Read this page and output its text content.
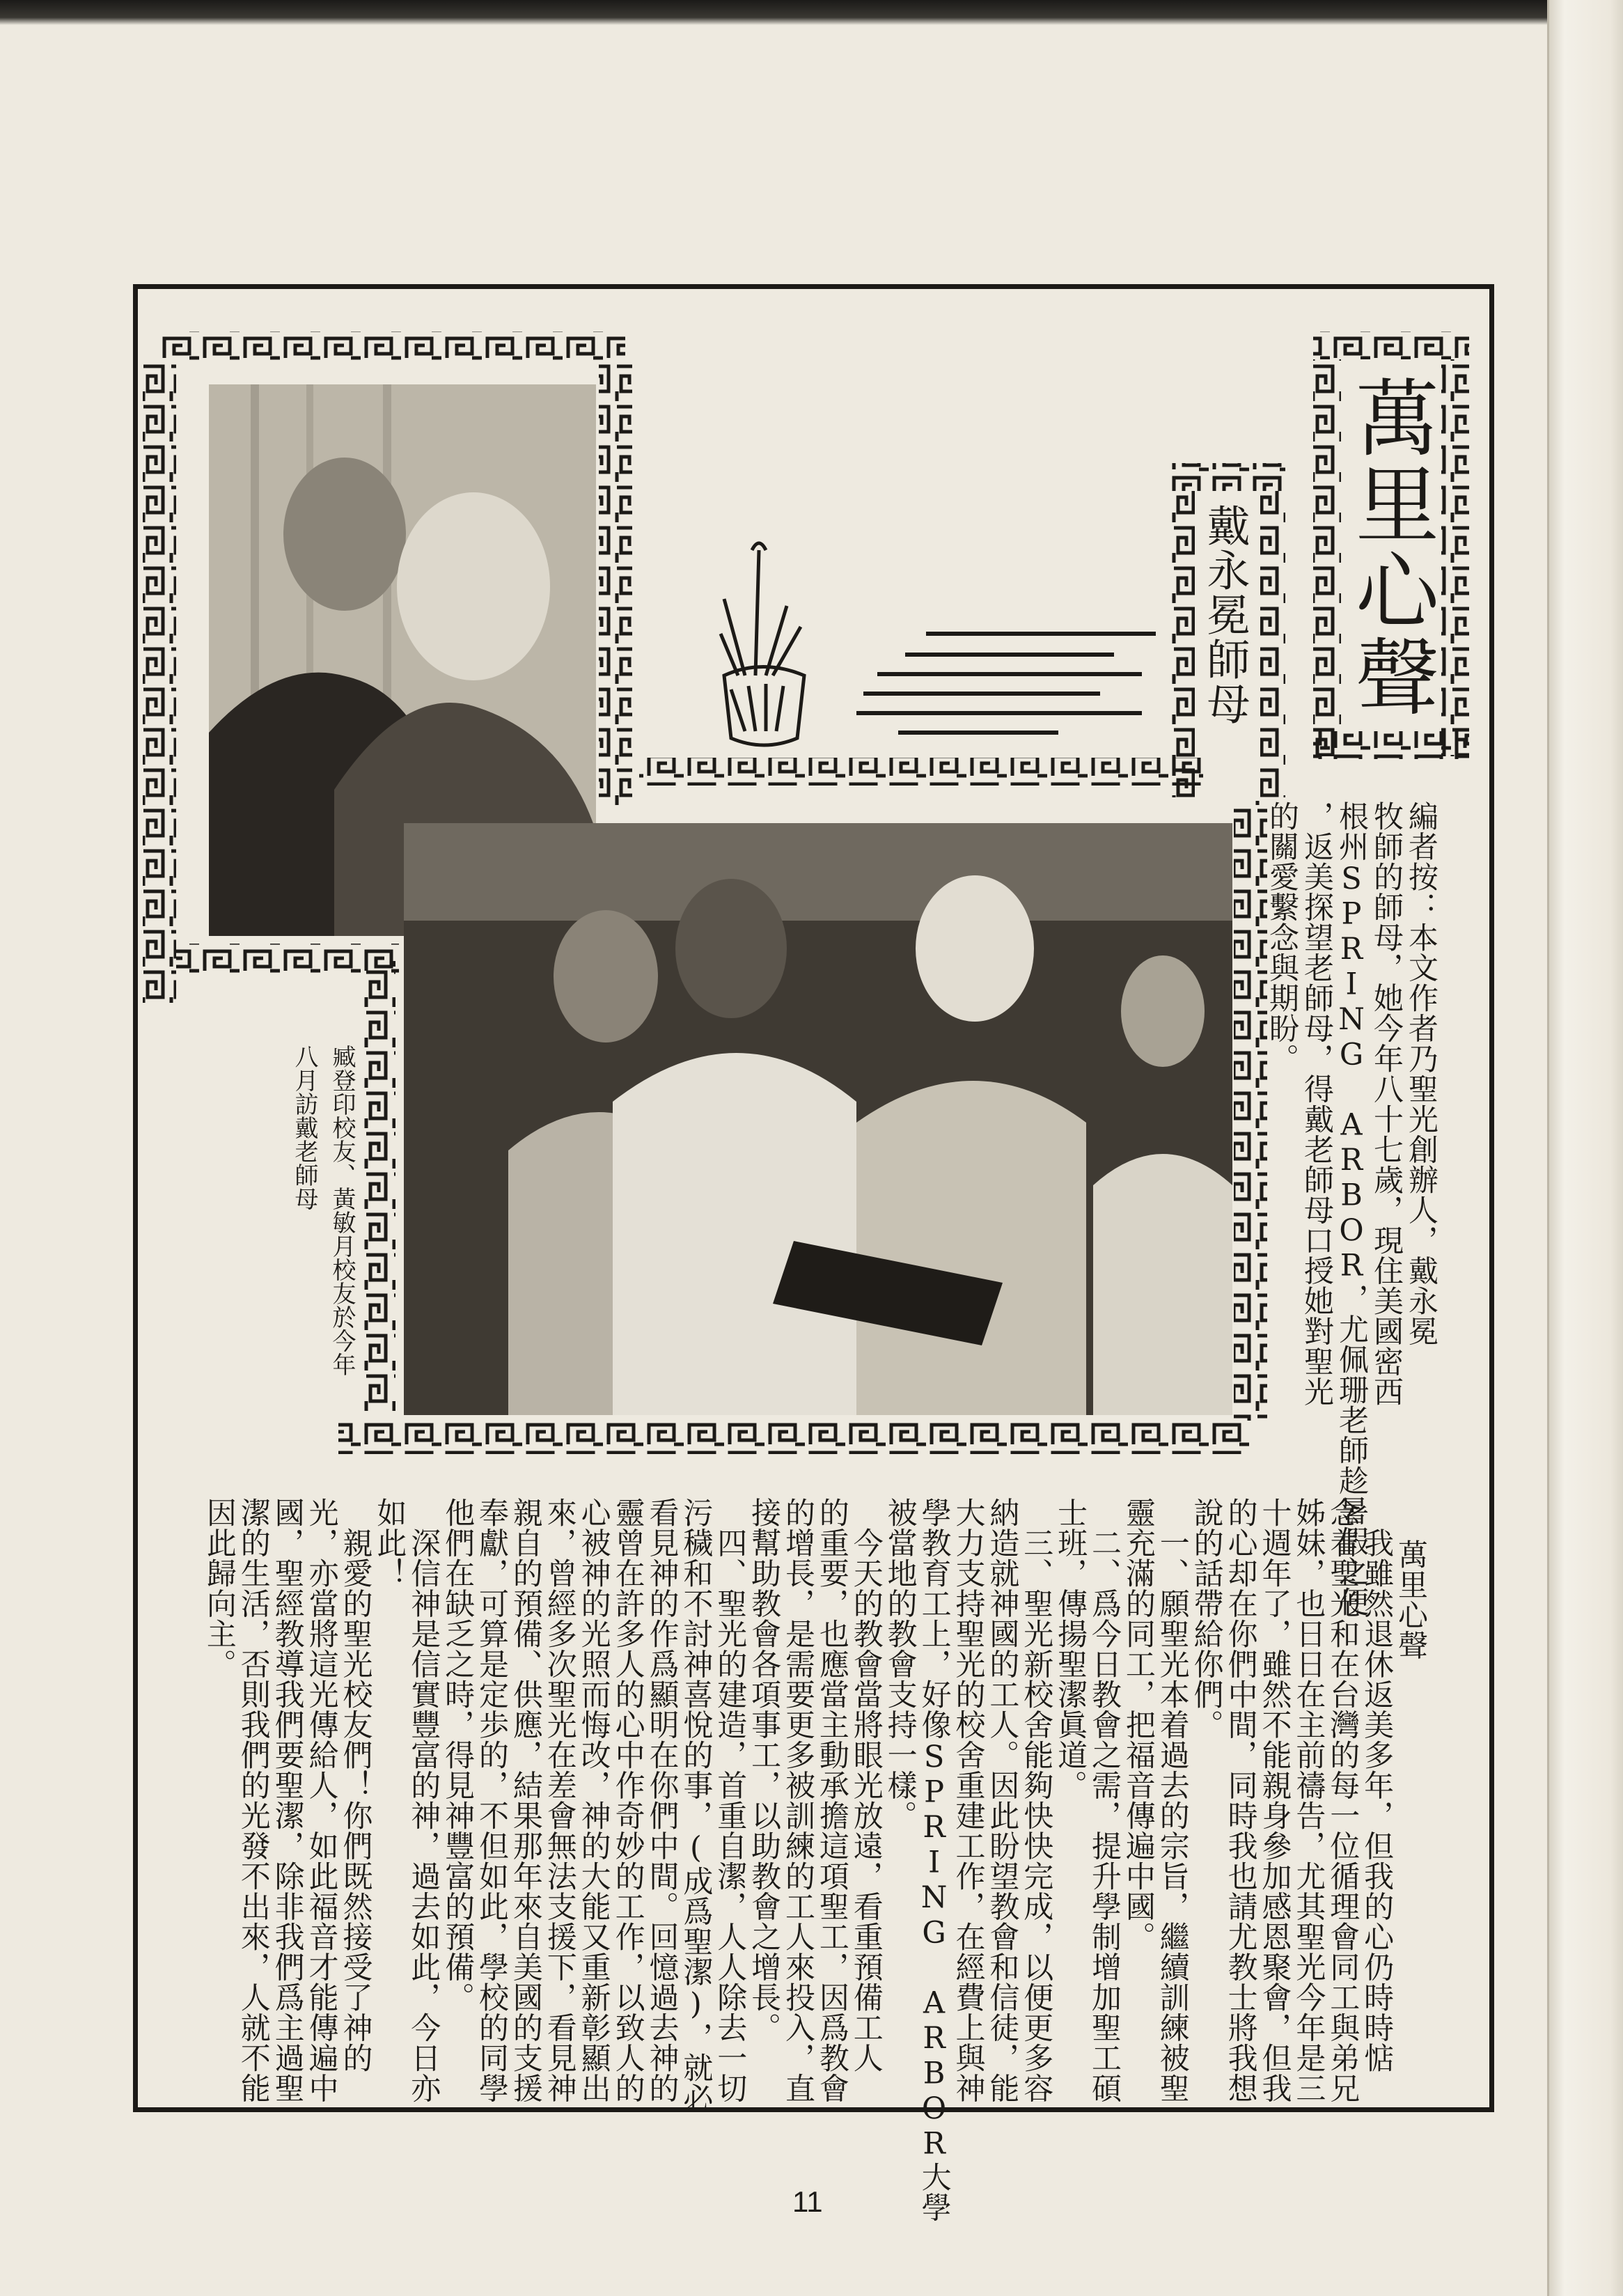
萬里心聲
戴永冕師母
臧登印校友、黃敏月校友於今年
八月訪戴老師母	編者按：本文作者乃聖光創辦人，戴永冕
牧師的師母，她今年八十七歲，現住美國密西
根州SPRING ARBOR，尤佩珊老師趁暑假之便
，返美探望老師母，得戴老師母口授她對聖光
的關愛繫念與期盼。
萬里心聲
　我雖然退休返美多年，但我的心仍時時惦
念着聖光和在台灣的每一位循理會同工與弟兄
姊妹，也日日在主前禱告，尤其聖光今年是三
十週年了，雖然不能親身參加感恩聚會，但我
的心却在你們中間，同時我也請尤教士將我想
說的話帶給你們。
　一、願聖光本着過去的宗旨，繼續訓練被聖
靈充滿的同工，把福音傳遍中國。
　二、爲今日教會之需，提升學制增加聖工碩
士班，傳揚聖潔眞道。
　三、聖光新校舍能夠快快完成，以便更多容
納造就神國的工人。因此盼望教會和信徒，能
大力支持聖光的校舍重建工作，在經費上與神
學教育工上，好像SPRING ARBOR大學
被當地的教會支持一樣。
　今天的教會當將眼光放遠，看重預備工人
的重要，也應當主動承擔這項聖工，因爲教會
的增長，是需要更多被訓練的工人來投入，直
接幫助教會各項事工，以助教會之增長。
　四、聖光的建造，首重自潔，人人除去一切
污穢和不討神喜悅的事，(成爲聖潔)，就必
看見神的作爲顯明在你們中間。回憶過去神的
靈曾在許多人的心中作奇妙的工作，以致人的
心被神的光照而悔改，神的大能又重新彰顯出
來，曾經多次聖光在差會無法支援下，看見神
親自的預備、供應，結果那年來自美國的支援
奉獻，可算是定歩的，不但如此，學校的同學
他們在缺乏之時，得見神豐富的預備。
　深信神是信實豐富的神，過去如此，今日亦
如此！
　親愛的聖光校友們！你們既然接受了神的
光，亦當將這光傳給人，如此福音才能傳遍中
國，聖經教導我們要聖潔，除非我們爲主過聖
潔的生活，否則我們的光發不出來，人就不能
因此歸向主。
11
